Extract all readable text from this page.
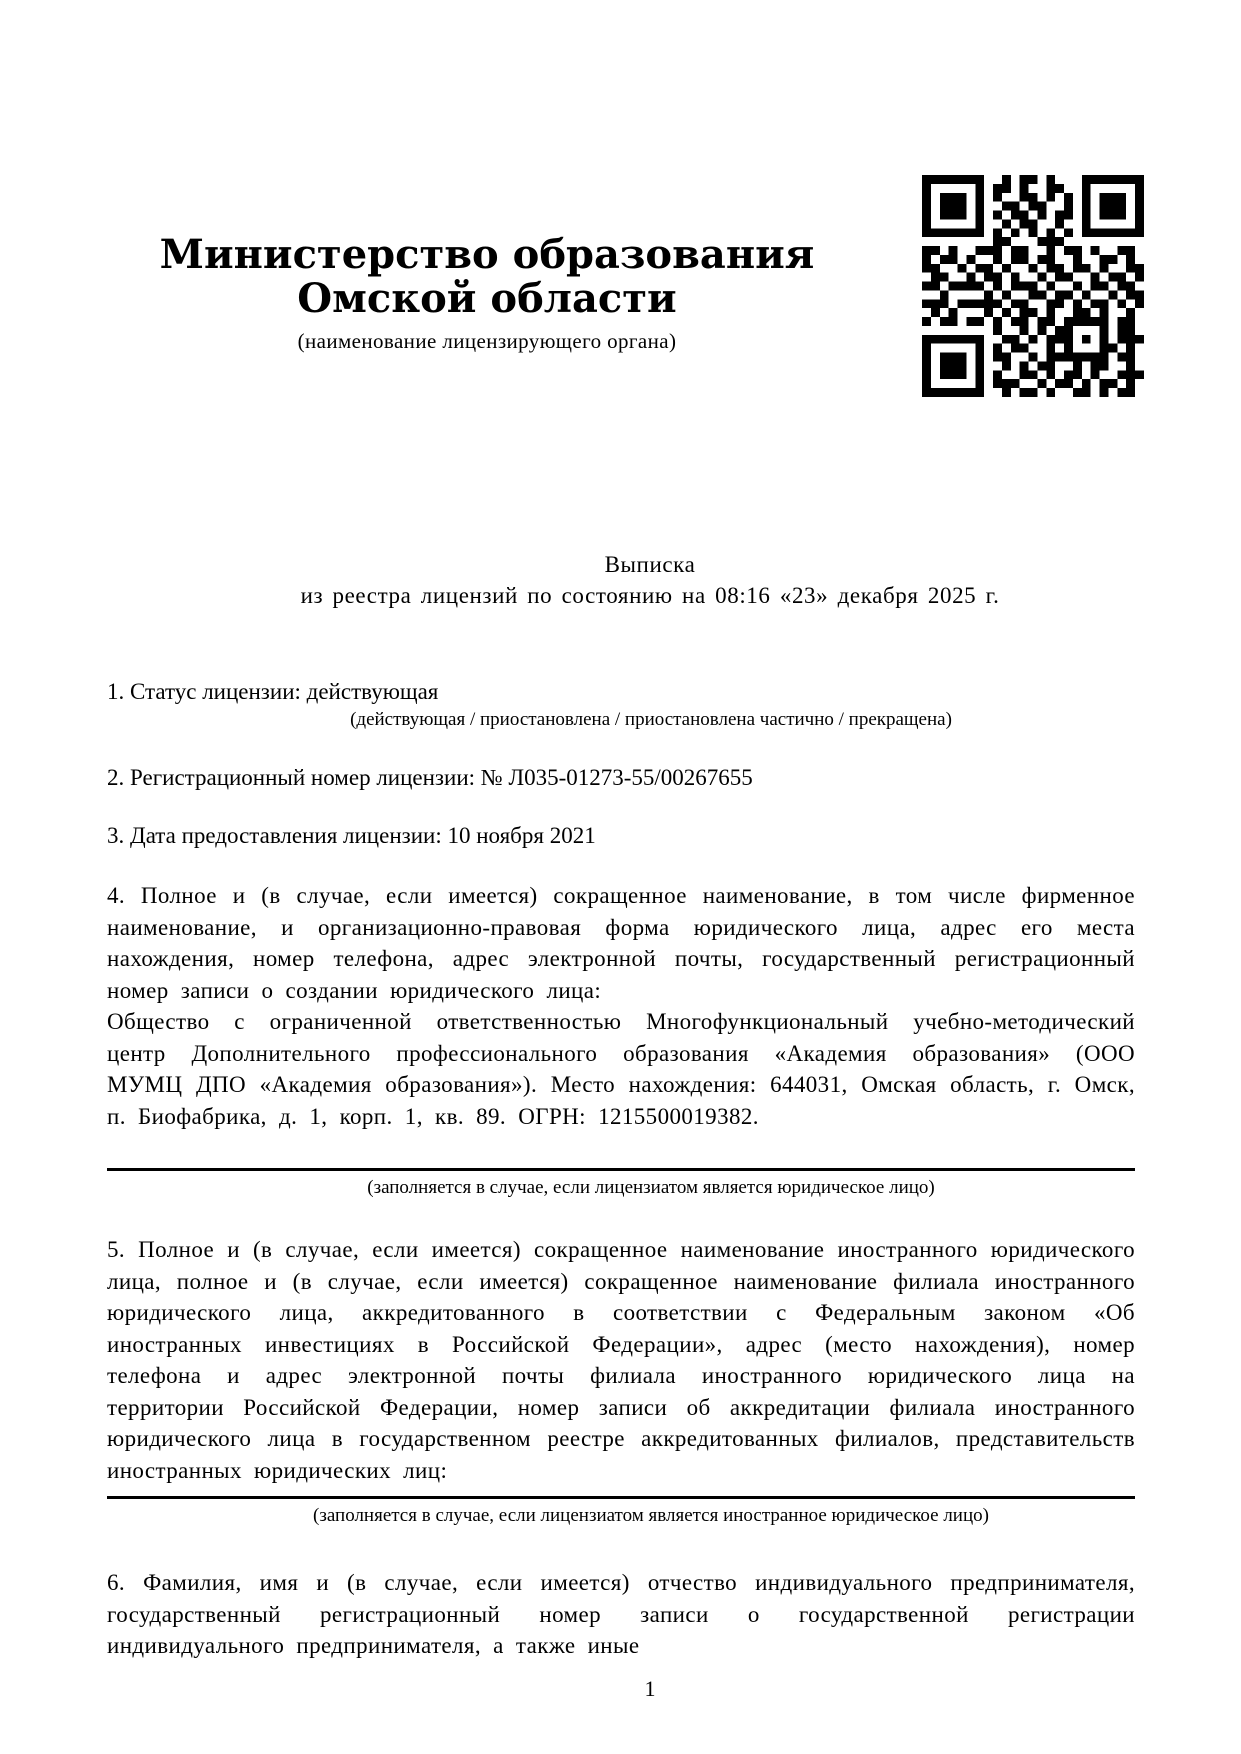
Министерство образования Омской области
(наименование лицензирующего органа)
Выписка
из реестра лицензий по состоянию на 08:16 «23» декабря 2025 г.
1. Статус лицензии: действующая
(действующая / приостановлена / приостановлена частично / прекращена)
2. Регистрационный номер лицензии: № Л035-01273-55/00267655
3. Дата предоставления лицензии: 10 ноября 2021
4. Полное и (в случае, если имеется) сокращенное наименование, в том числе фирменное наименование, и организационно-правовая форма юридического лица, адрес его места нахождения, номер телефона, адрес электронной почты, государственный регистрационный номер записи о создании юридического лица:
Общество с ограниченной ответственностью Многофункциональный учебно-методический центр Дополнительного профессионального образования «Академия образования» (ООО МУМЦ ДПО «Академия образования»). Место нахождения: 644031, Омская область, г. Омск, п. Биофабрика, д. 1, корп. 1, кв. 89. ОГРН: 1215500019382.
(заполняется в случае, если лицензиатом является юридическое лицо)
5. Полное и (в случае, если имеется) сокращенное наименование иностранного юридического лица, полное и (в случае, если имеется) сокращенное наименование филиала иностранного юридического лица, аккредитованного в соответствии с Федеральным законом «Об иностранных инвестициях в Российской Федерации», адрес (место нахождения), номер телефона и адрес электронной почты филиала иностранного юридического лица на территории Российской Федерации, номер записи об аккредитации филиала иностранного юридического лица в государственном реестре аккредитованных филиалов, представительств иностранных юридических лиц:
(заполняется в случае, если лицензиатом является иностранное юридическое лицо)
6. Фамилия, имя и (в случае, если имеется) отчество индивидуального предпринимателя, государственный регистрационный номер записи о государственной регистрации индивидуального предпринимателя, а также иные
1
